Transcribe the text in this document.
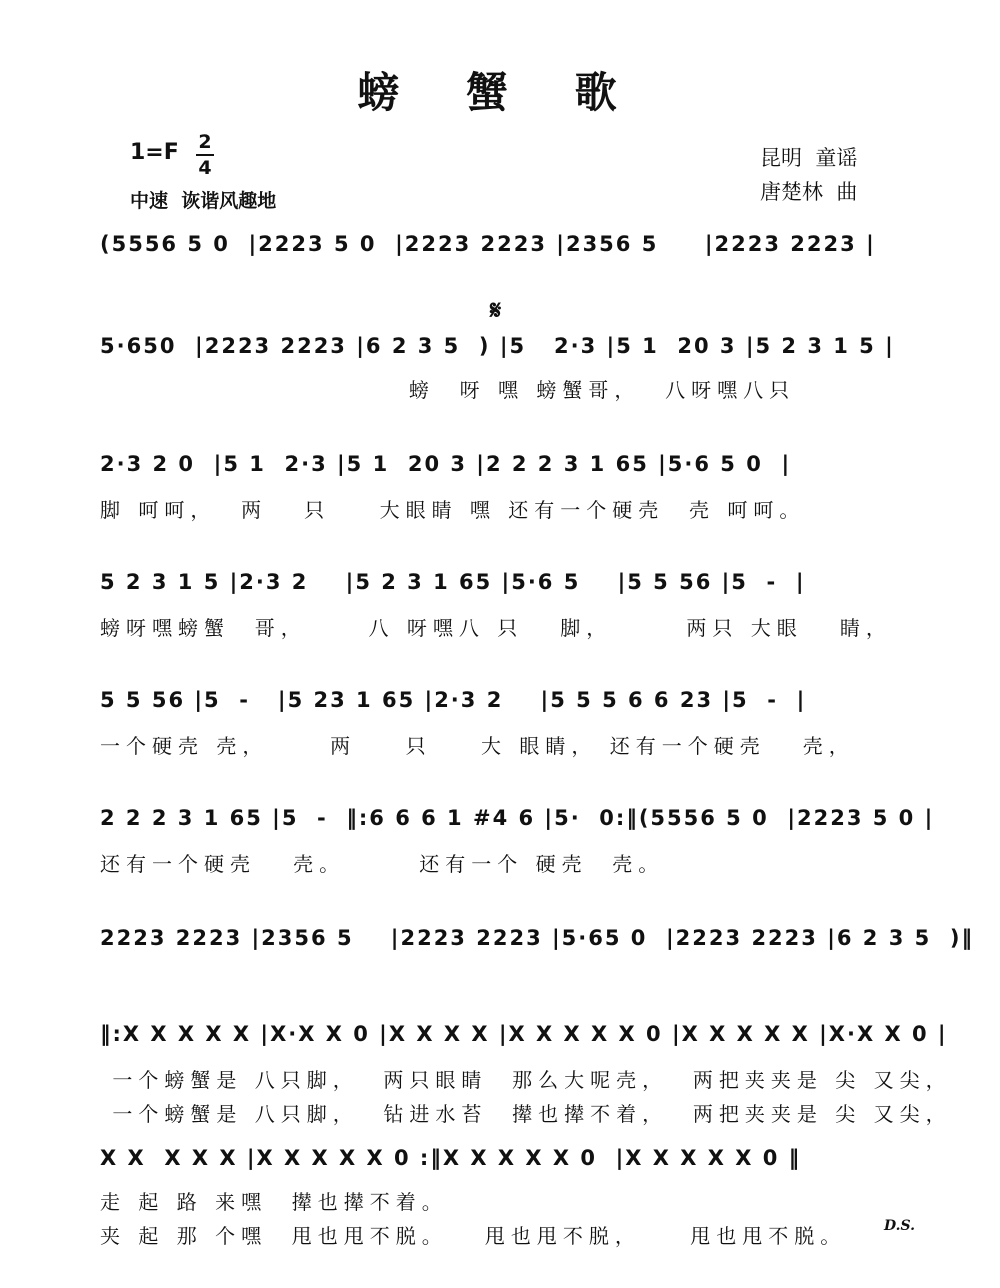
螃 蟹 歌
$1=F \frac{2}{4}$
中速  诙谐风趣地
昆明  童谣
唐楚林  曲
𝄋
(5556 5 0  |2223 5 0  |2223 2223 |2356 5     |2223 2223 |
5·650  |2223 2223 |6 2 3 5  ) |5   2·3 |5 1  20 3 |5 2 3 1 5 |
螃  呀 嘿 螃蟹哥，  八呀嘿八只
2·3 2 0  |5 1  2·3 |5 1  20 3 |2 2 2 3 1 65 |5·6 5 0  |
脚 呵呵，  两   只    大眼睛 嘿 还有一个硬壳  壳 呵呵。
5 2 3 1 5 |2·3 2    |5 2 3 1 65 |5·6 5    |5 5 56 |5  -  |
螃呀嘿螃蟹  哥，     八 呀嘿八 只   脚，      两只 大眼   睛，
5 5 56 |5  -   |5 23 1 65 |2·3 2    |5 5 5 6 6 23 |5  -  |
一个硬壳 壳，     两    只    大 眼睛， 还有一个硬壳   壳，
2 2 2 3 1 65 |5  -  ‖:6 6 6 1 #4 6 |5·  0:‖(5556 5 0  |2223 5 0 |
还有一个硬壳   壳。      还有一个 硬壳  壳。
2223 2223 |2356 5    |2223 2223 |5·65 0  |2223 2223 |6 2 3 5  )‖
‖:X X X X X |X·X X 0 |X X X X |X X X X X 0 |X X X X X |X·X X 0 |
一个螃蟹是 八只脚，  两只眼睛  那么大呢壳，  两把夹夹是 尖 又尖，
一个螃蟹是 八只脚，  钻进水苔  撵也撵不着，  两把夹夹是 尖 又尖，
X X  X X X |X X X X X 0 :‖X X X X X 0  |X X X X X 0 ‖
走 起 路 来嘿  撵也撵不着。
夹 起 那 个嘿  甩也甩不脱。   甩也甩不脱，    甩也甩不脱。	D.S.
